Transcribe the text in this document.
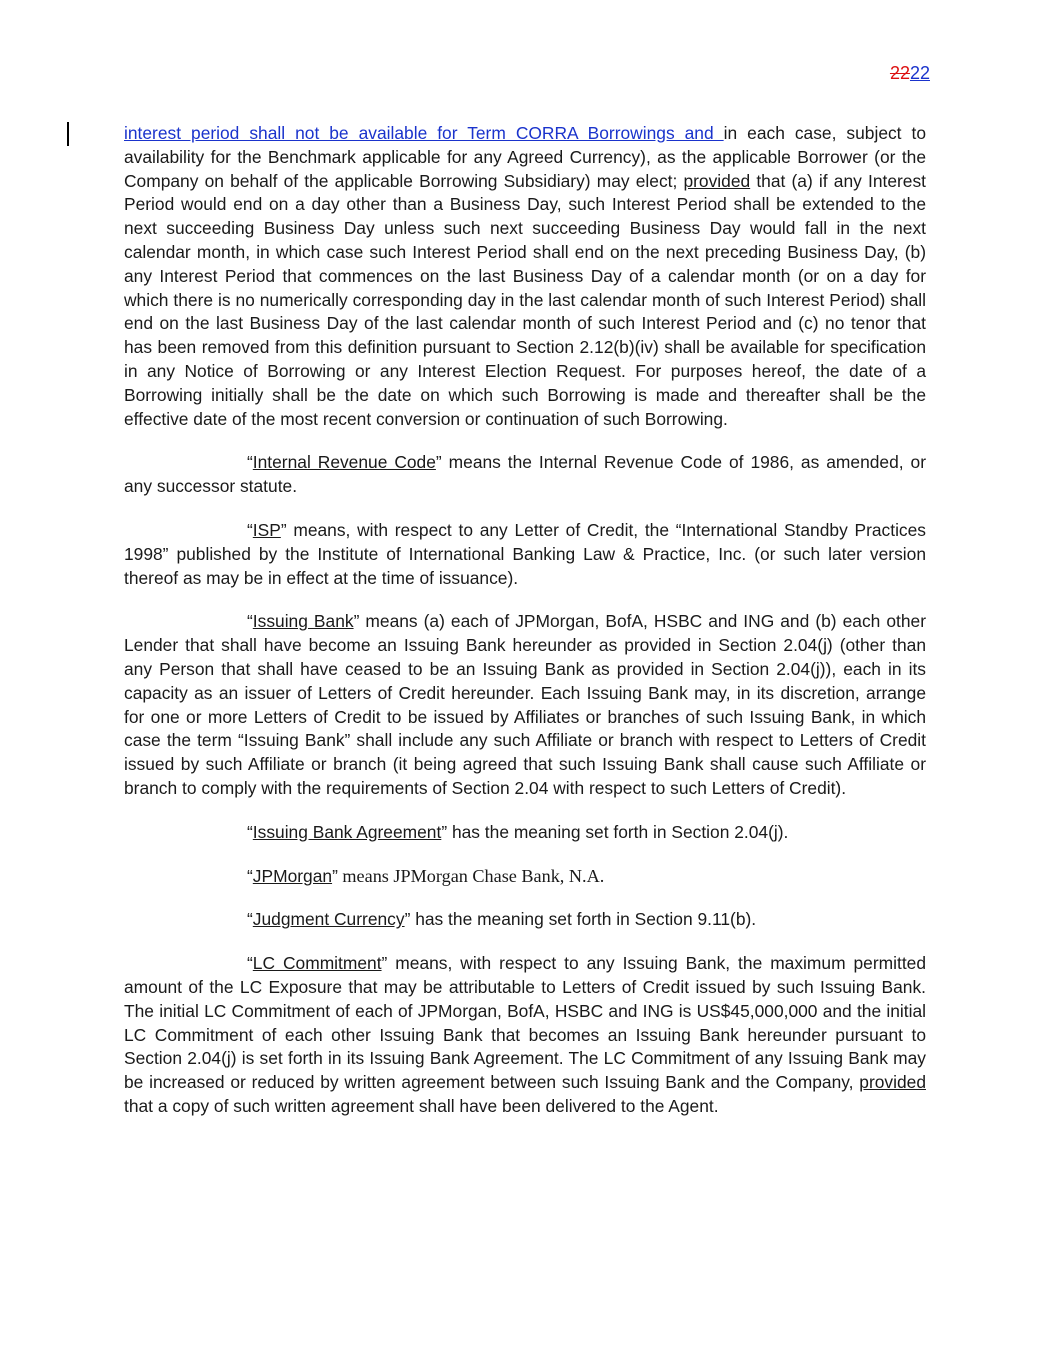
2222

interest period shall not be available for Term CORRA Borrowings and in each case, subject to availability for the Benchmark applicable for any Agreed Currency), as the applicable Borrower (or the Company on behalf of the applicable Borrowing Subsidiary) may elect; provided that (a) if any Interest Period would end on a day other than a Business Day, such Interest Period shall be extended to the next succeeding Business Day unless such next succeeding Business Day would fall in the next calendar month, in which case such Interest Period shall end on the next preceding Business Day, (b) any Interest Period that commences on the last Business Day of a calendar month (or on a day for which there is no numerically corresponding day in the last calendar month of such Interest Period) shall end on the last Business Day of the last calendar month of such Interest Period and (c) no tenor that has been removed from this definition pursuant to Section 2.12(b)(iv) shall be available for specification in any Notice of Borrowing or any Interest Election Request. For purposes hereof, the date of a Borrowing initially shall be the date on which such Borrowing is made and thereafter shall be the effective date of the most recent conversion or continuation of such Borrowing.

“Internal Revenue Code” means the Internal Revenue Code of 1986, as amended, or any successor statute.

“ISP” means, with respect to any Letter of Credit, the “International Standby Practices 1998” published by the Institute of International Banking Law & Practice, Inc. (or such later version thereof as may be in effect at the time of issuance).

“Issuing Bank” means (a) each of JPMorgan, BofA, HSBC and ING and (b) each other Lender that shall have become an Issuing Bank hereunder as provided in Section 2.04(j) (other than any Person that shall have ceased to be an Issuing Bank as provided in Section 2.04(j)), each in its capacity as an issuer of Letters of Credit hereunder. Each Issuing Bank may, in its discretion, arrange for one or more Letters of Credit to be issued by Affiliates or branches of such Issuing Bank, in which case the term “Issuing Bank” shall include any such Affiliate or branch with respect to Letters of Credit issued by such Affiliate or branch (it being agreed that such Issuing Bank shall cause such Affiliate or branch to comply with the requirements of Section 2.04 with respect to such Letters of Credit).

“Issuing Bank Agreement” has the meaning set forth in Section 2.04(j).

“JPMorgan” means JPMorgan Chase Bank, N.A.

“Judgment Currency” has the meaning set forth in Section 9.11(b).

“LC Commitment” means, with respect to any Issuing Bank, the maximum permitted amount of the LC Exposure that may be attributable to Letters of Credit issued by such Issuing Bank. The initial LC Commitment of each of JPMorgan, BofA, HSBC and ING is US$45,000,000 and the initial LC Commitment of each other Issuing Bank that becomes an Issuing Bank hereunder pursuant to Section 2.04(j) is set forth in its Issuing Bank Agreement. The LC Commitment of any Issuing Bank may be increased or reduced by written agreement between such Issuing Bank and the Company, provided that a copy of such written agreement shall have been delivered to the Agent.
